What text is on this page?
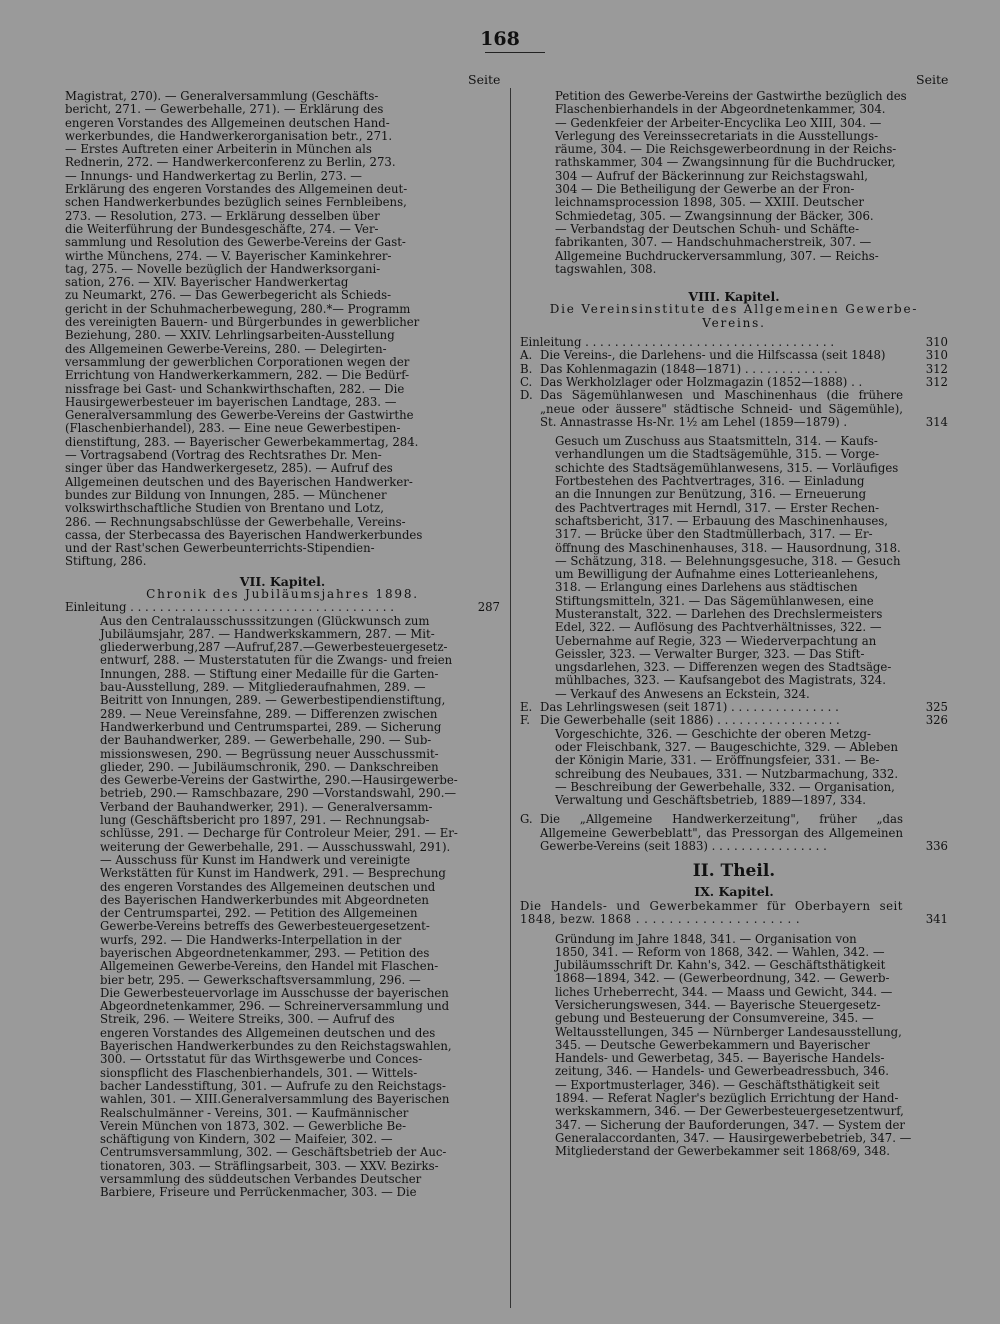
168
Seite	Seite
Magistrat, 270). — Generalversammlung (Geschäfts-
bericht, 271. — Gewerbehalle, 271). — Erklärung des
engeren Vorstandes des Allgemeinen deutschen Hand-
werkerbundes, die Handwerkerorganisation betr., 271.
— Erstes Auftreten einer Arbeiterin in München als
Rednerin, 272. — Handwerkerconferenz zu Berlin, 273.
— Innungs- und Handwerkertag zu Berlin, 273. —
Erklärung des engeren Vorstandes des Allgemeinen deut-
schen Handwerkerbundes bezüglich seines Fernbleibens,
273. — Resolution, 273. — Erklärung desselben über
die Weiterführung der Bundesgeschäfte, 274. — Ver-
sammlung und Resolution des Gewerbe-Vereins der Gast-
wirthe Münchens, 274. — V. Bayerischer Kaminkehrer-
tag, 275. — Novelle bezüglich der Handwerksorgani-
sation, 276. — XIV. Bayerischer Handwerkertag
zu Neumarkt, 276. — Das Gewerbegericht als Schieds-
gericht in der Schuhmacherbewegung, 280.*— Programm
des vereinigten Bauern- und Bürgerbundes in gewerblicher
Beziehung, 280. — XXIV. Lehrlingsarbeiten-Ausstellung
des Allgemeinen Gewerbe-Vereins, 280. — Delegirten-
versammlung der gewerblichen Corporationen wegen der
Errichtung von Handwerkerkammern, 282. — Die Bedürf-
nissfrage bei Gast- und Schankwirthschaften, 282. — Die
Hausirgewerbesteuer im bayerischen Landtage, 283. —
Generalversammlung des Gewerbe-Vereins der Gastwirthe
(Flaschenbierhandel), 283. — Eine neue Gewerbestipen-
dienstiftung, 283. — Bayerischer Gewerbekammertag, 284.
— Vortragsabend (Vortrag des Rechtsrathes Dr. Men-
singer über das Handwerkergesetz, 285). — Aufruf des
Allgemeinen deutschen und des Bayerischen Handwerker-
bundes zur Bildung von Innungen, 285. — Münchener
volkswirthschaftliche Studien von Brentano und Lotz,
286. — Rechnungsabschlüsse der Gewerbehalle, Vereins-
cassa, der Sterbecassa des Bayerischen Handwerkerbundes
und der Rast'schen Gewerbeunterrichts-Stipendien-
Stiftung, 286.
VII. Kapitel.
Chronik des Jubiläumsjahres 1898.
Einleitung . . . . . . . . . . . . . . . . . . . . . . . . . . . . . . . . . . . .	287
Aus den Centralausschusssitzungen (Glückwunsch zum
Jubiläumsjahr, 287. — Handwerkskammern, 287. — Mit-
gliederwerbung,287 —Aufruf,287.—Gewerbesteuergesetz-
entwurf, 288. — Musterstatuten für die Zwangs- und freien
Innungen, 288. — Stiftung einer Medaille für die Garten-
bau-Ausstellung, 289. — Mitgliederaufnahmen, 289. —
Beitritt von Innungen, 289. — Gewerbestipendienstiftung,
289. — Neue Vereinsfahne, 289. — Differenzen zwischen
Handwerkerbund und Centrumspartei, 289. — Sicherung
der Bauhandwerker, 289. — Gewerbehalle, 290. — Sub-
missionswesen, 290. — Begrüssung neuer Ausschussmit-
glieder, 290. — Jubiläumschronik, 290. — Dankschreiben
des Gewerbe-Vereins der Gastwirthe, 290.—Hausirgewerbe-
betrieb, 290.— Ramschbazare, 290 —Vorstandswahl, 290.—
Verband der Bauhandwerker, 291). — Generalversamm-
lung (Geschäftsbericht pro 1897, 291. — Rechnungsab-
schlüsse, 291. — Decharge für Controleur Meier, 291. — Er-
weiterung der Gewerbehalle, 291. — Ausschusswahl, 291).
— Ausschuss für Kunst im Handwerk und vereinigte
Werkstätten für Kunst im Handwerk, 291. — Besprechung
des engeren Vorstandes des Allgemeinen deutschen und
des Bayerischen Handwerkerbundes mit Abgeordneten
der Centrumspartei, 292. — Petition des Allgemeinen
Gewerbe-Vereins betreffs des Gewerbesteuergesetzent-
wurfs, 292. — Die Handwerks-Interpellation in der
bayerischen Abgeordnetenkammer, 293. — Petition des
Allgemeinen Gewerbe-Vereins, den Handel mit Flaschen-
bier betr, 295. — Gewerkschaftsversammlung, 296. —
Die Gewerbesteuervorlage im Ausschusse der bayerischen
Abgeordnetenkammer, 296. — Schreinerversammlung und
Streik, 296. — Weitere Streiks, 300. — Aufruf des
engeren Vorstandes des Allgemeinen deutschen und des
Bayerischen Handwerkerbundes zu den Reichstagswahlen,
300. — Ortsstatut für das Wirthsgewerbe und Conces-
sionspflicht des Flaschenbierhandels, 301. — Wittels-
bacher Landesstiftung, 301. — Aufrufe zu den Reichstags-
wahlen, 301. — XIII.Generalversammlung des Bayerischen
Realschulmänner - Vereins, 301. — Kaufmännischer
Verein München von 1873, 302. — Gewerbliche Be-
schäftigung von Kindern, 302 — Maifeier, 302. —
Centrumsversammlung, 302. — Geschäftsbetrieb der Auc-
tionatoren, 303. — Sträflingsarbeit, 303. — XXV. Bezirks-
versammlung des süddeutschen Verbandes Deutscher
Barbiere, Friseure und Perrückenmacher, 303. — Die
Petition des Gewerbe-Vereins der Gastwirthe bezüglich des
Flaschenbierhandels in der Abgeordnetenkammer, 304.
— Gedenkfeier der Arbeiter-Encyclika Leo XIII, 304. —
Verlegung des Vereinssecretariats in die Ausstellungs-
räume, 304. — Die Reichsgewerbeordnung in der Reichs-
rathskammer, 304 — Zwangsinnung für die Buchdrucker,
304 — Aufruf der Bäckerinnung zur Reichstagswahl,
304 — Die Betheiligung der Gewerbe an der Fron-
leichnamsprocession 1898, 305. — XXIII. Deutscher
Schmiedetag, 305. — Zwangsinnung der Bäcker, 306.
— Verbandstag der Deutschen Schuh- und Schäfte-
fabrikanten, 307. — Handschuhmacherstreik, 307. —
Allgemeine Buchdruckerversammlung, 307. — Reichs-
tagswahlen, 308.
VIII. Kapitel.
Die Vereinsinstitute des Allgemeinen Gewerbe-
Vereins.
Einleitung . . . . . . . . . . . . . . . . . . . . . . . . . . . . . . . . . .	310
A. Die Vereins-, die Darlehens- und die Hilfscassa (seit 1848)	310
B. Das Kohlenmagazin (1848—1871) . . . . . . . . . . . . .	312
C. Das Werkholzlager oder Holzmagazin (1852—1888) . .	312
D. Das Sägemühlanwesen und Maschinenhaus (die frühere „neue oder äussere" städtische Schneid- und Sägemühle), St. Annastrasse Hs-Nr. 1½ am Lehel (1859—1879) .	314
Gesuch um Zuschuss aus Staatsmitteln, 314. — Kaufs-
verhandlungen um die Stadtsägemühle, 315. — Vorge-
schichte des Stadtsägemühlanwesens, 315. — Vorläufiges
Fortbestehen des Pachtvertrages, 316. — Einladung
an die Innungen zur Benützung, 316. — Erneuerung
des Pachtvertrages mit Herndl, 317. — Erster Rechen-
schaftsbericht, 317. — Erbauung des Maschinenhauses,
317. — Brücke über den Stadtmüllerbach, 317. — Er-
öffnung des Maschinenhauses, 318. — Hausordnung, 318.
— Schätzung, 318. — Belehnungsgesuche, 318. — Gesuch
um Bewilligung der Aufnahme eines Lotterieanlehens,
318. — Erlangung eines Darlehens aus städtischen
Stiftungsmitteln, 321. — Das Sägemühlanwesen, eine
Musteranstalt, 322. — Darlehen des Drechslermeisters
Edel, 322. — Auflösung des Pachtverhältnisses, 322. —
Uebernahme auf Regie, 323 — Wiederverpachtung an
Geissler, 323. — Verwalter Burger, 323. — Das Stift-
ungsdarlehen, 323. — Differenzen wegen des Stadtsäge-
mühlbaches, 323. — Kaufsangebot des Magistrats, 324.
— Verkauf des Anwesens an Eckstein, 324.
E. Das Lehrlingswesen (seit 1871) . . . . . . . . . . . . . . .	325
F. Die Gewerbehalle (seit 1886) . . . . . . . . . . . . . . . . .	326
Vorgeschichte, 326. — Geschichte der oberen Metzg-
oder Fleischbank, 327. — Baugeschichte, 329. — Ableben
der Königin Marie, 331. — Eröffnungsfeier, 331. — Be-
schreibung des Neubaues, 331. — Nutzbarmachung, 332.
— Beschreibung der Gewerbehalle, 332. — Organisation,
Verwaltung und Geschäftsbetrieb, 1889—1897, 334.
G. Die „Allgemeine Handwerkerzeitung", früher „das Allgemeine Gewerbeblatt", das Pressorgan des Allgemeinen Gewerbe-Vereins (seit 1883) . . . . . . . . . . . . . . . .	336
II. Theil.
IX. Kapitel.
Die Handels- und Gewerbekammer für Oberbayern seit 1848, bezw. 1868 . . . . . . . . . . . . . . . . . . . .	341
Gründung im Jahre 1848, 341. — Organisation von
1850, 341. — Reform von 1868, 342. — Wahlen, 342. —
Jubiläumsschrift Dr. Kahn's, 342. — Geschäftsthätigkeit
1868—1894, 342. — (Gewerbeordnung, 342. — Gewerb-
liches Urheberrecht, 344. — Maass und Gewicht, 344. —
Versicherungswesen, 344. — Bayerische Steuergesetz-
gebung und Besteuerung der Consumvereine, 345. —
Weltausstellungen, 345 — Nürnberger Landesausstellung,
345. — Deutsche Gewerbekammern und Bayerischer
Handels- und Gewerbetag, 345. — Bayerische Handels-
zeitung, 346. — Handels- und Gewerbeadressbuch, 346.
— Exportmusterlager, 346). — Geschäftsthätigkeit seit
1894. — Referat Nagler's bezüglich Errichtung der Hand-
werkskammern, 346. — Der Gewerbesteuergesetzentwurf,
347. — Sicherung der Bauforderungen, 347. — System der
Generalaccordanten, 347. — Hausirgewerbebetrieb, 347. —
Mitgliederstand der Gewerbekammer seit 1868/69, 348.
